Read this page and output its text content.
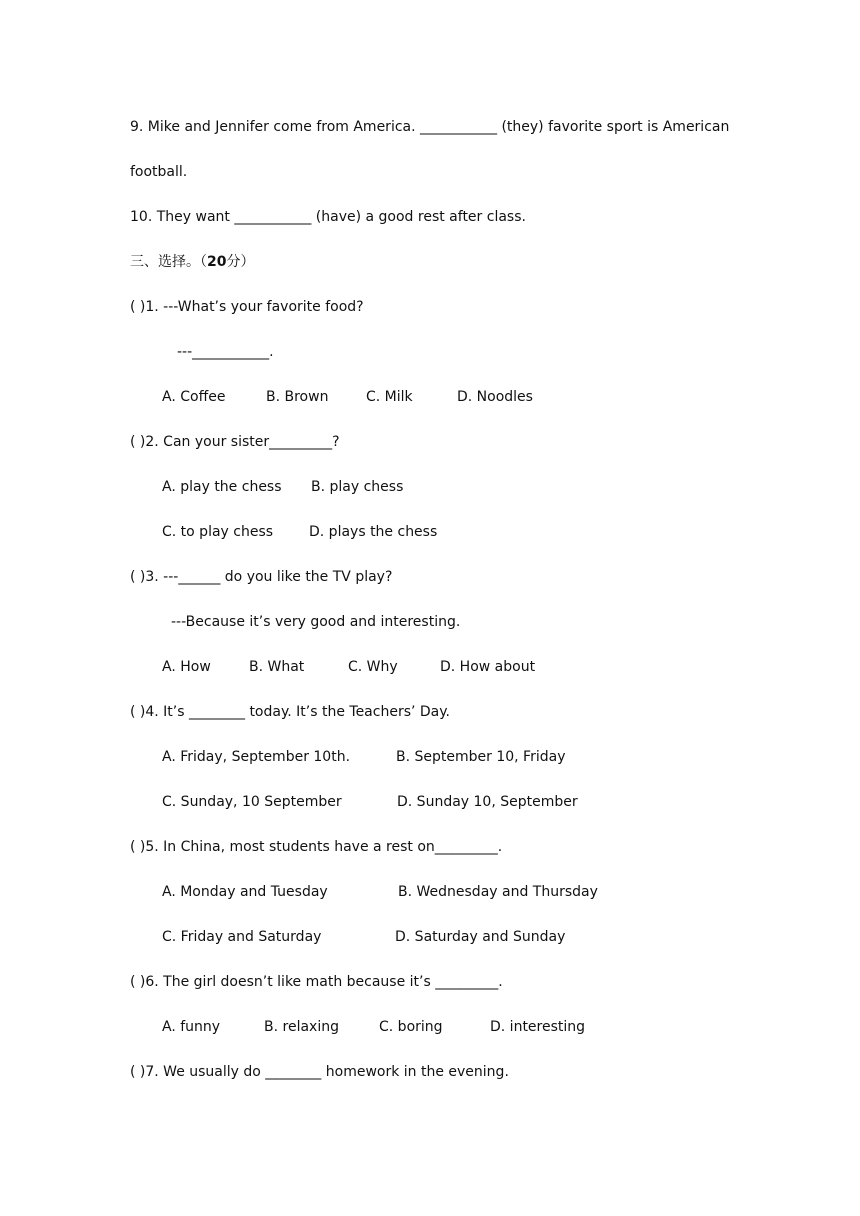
9. Mike and Jennifer come from America. ___________ (they) favorite sport is American
football.
10. They want ___________ (have) a good rest after class.
三、选择。（20分）
( )1. ---What’s your favorite food?
---___________.
A. Coffee	B. Brown	C. Milk	D. Noodles
( )2. Can your sister_________?
A. play the chess B. play chess
C. to play chess	D. plays the chess
( )3. ---______ do you like the TV play?
---Because it’s very good and interesting.
A. How	B. What	C. Why	D. How about
( )4. It’s ________ today. It’s the Teachers’ Day.
A. Friday, September 10th.	B. September 10, Friday
C. Sunday, 10 September	D. Sunday 10, September
( )5. In China, most students have a rest on_________.
A. Monday and Tuesday	B. Wednesday and Thursday
C. Friday and Saturday	D. Saturday and Sunday
( )6. The girl doesn’t like math because it’s _________.
A. funny	B. relaxing	C. boring	D. interesting
( )7. We usually do ________ homework in the evening.
